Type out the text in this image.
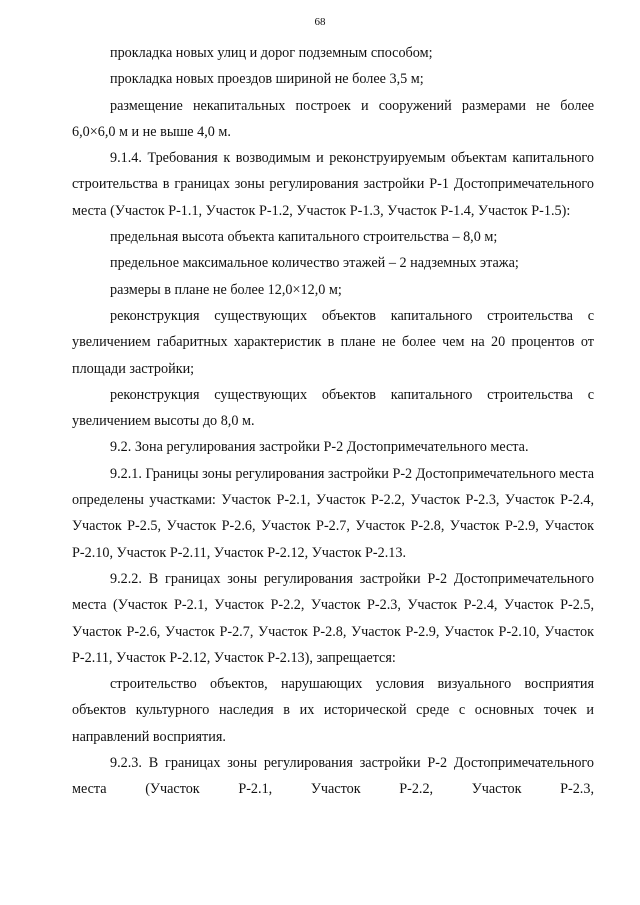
68

прокладка новых улиц и дорог подземным способом;

прокладка новых проездов шириной не более 3,5 м;

размещение некапитальных построек и сооружений размерами не более 6,0×6,0 м и не выше 4,0 м.

9.1.4. Требования к возводимым и реконструируемым объектам капитального строительства в границах зоны регулирования застройки Р-1 Достопримечательного места (Участок Р-1.1, Участок Р-1.2, Участок Р-1.3, Участок Р-1.4, Участок Р-1.5):

предельная высота объекта капитального строительства – 8,0 м;

предельное максимальное количество этажей – 2 надземных этажа;

размеры в плане не более 12,0×12,0 м;

реконструкция существующих объектов капитального строительства с увеличением габаритных характеристик в плане не более чем на 20 процентов от площади застройки;

реконструкция существующих объектов капитального строительства с увеличением высоты до 8,0 м.

9.2. Зона регулирования застройки Р-2 Достопримечательного места.

9.2.1. Границы зоны регулирования застройки Р-2 Достопримечательного места определены участками: Участок Р-2.1, Участок Р-2.2, Участок Р-2.3, Участок Р-2.4, Участок Р-2.5, Участок Р-2.6, Участок Р-2.7, Участок Р-2.8, Участок Р-2.9, Участок Р-2.10, Участок Р-2.11, Участок Р-2.12, Участок Р-2.13.

9.2.2. В границах зоны регулирования застройки Р-2 Достопримечательного места (Участок Р-2.1, Участок Р-2.2, Участок Р-2.3, Участок Р-2.4, Участок Р-2.5, Участок Р-2.6, Участок Р-2.7, Участок Р-2.8, Участок Р-2.9, Участок Р-2.10, Участок Р-2.11, Участок Р-2.12, Участок Р-2.13), запрещается:

строительство объектов, нарушающих условия визуального восприятия объектов культурного наследия в их исторической среде с основных точек и направлений восприятия.

9.2.3. В границах зоны регулирования застройки Р-2 Достопримечательного места (Участок Р-2.1, Участок Р-2.2, Участок Р-2.3,
